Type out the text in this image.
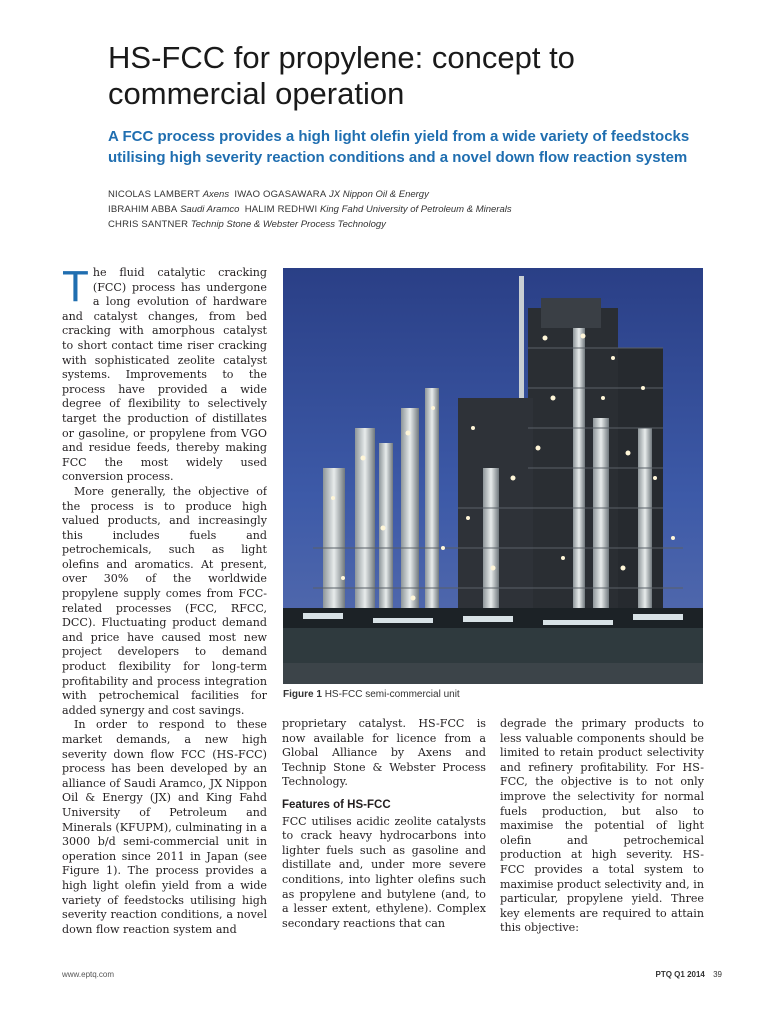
HS-FCC for propylene: concept to commercial operation
A FCC process provides a high light olefin yield from a wide variety of feedstocks utilising high severity reaction conditions and a novel down flow reaction system
NICOLAS LAMBERT Axens IWAO OGASAWARA JX Nippon Oil & Energy
IBRAHIM ABBA Saudi Aramco HALIM REDHWI King Fahd University of Petroleum & Minerals
CHRIS SANTNER Technip Stone & Webster Process Technology

The fluid catalytic cracking (FCC) process has undergone a long evolution of hardware and catalyst changes, from bed cracking with amorphous catalyst to short contact time riser cracking with sophisticated zeolite catalyst systems. Improvements to the process have provided a wide degree of flexibility to selectively target the production of distillates or gasoline, or propylene from VGO and residue feeds, thereby making FCC the most widely used conversion process.

More generally, the objective of the process is to produce high valued products, and increasingly this includes fuels and petrochemicals, such as light olefins and aromatics. At present, over 30% of the worldwide propylene supply comes from FCC-related processes (FCC, RFCC, DCC). Fluctuating product demand and price have caused most new project developers to demand product flexibility for long-term profitability and process integration with petrochemical facilities for added synergy and cost savings.

In order to respond to these market demands, a new high severity down flow FCC (HS-FCC) process has been developed by an alliance of Saudi Aramco, JX Nippon Oil & Energy (JX) and King Fahd University of Petroleum and Minerals (KFUPM), culminating in a 3000 b/d semi-commercial unit in operation since 2011 in Japan (see Figure 1). The process provides a high light olefin yield from a wide variety of feedstocks utilising high severity reaction conditions, a novel down flow reaction system and

Figure 1 HS-FCC semi-commercial unit

proprietary catalyst. HS-FCC is now available for licence from a Global Alliance by Axens and Technip Stone & Webster Process Technology.

Features of HS-FCC

FCC utilises acidic zeolite catalysts to crack heavy hydrocarbons into lighter fuels such as gasoline and distillate and, under more severe conditions, into lighter olefins such as propylene and butylene (and, to a lesser extent, ethylene). Complex secondary reactions that can

degrade the primary products to less valuable components should be limited to retain product selectivity and refinery profitability. For HS-FCC, the objective is to not only improve the selectivity for normal fuels production, but also to maximise the potential of light olefin and petrochemical production at high severity. HS-FCC provides a total system to maximise product selectivity and, in particular, propylene yield. Three key elements are required to attain this objective:

www.eptq.com	PTQ Q1 2014 39
